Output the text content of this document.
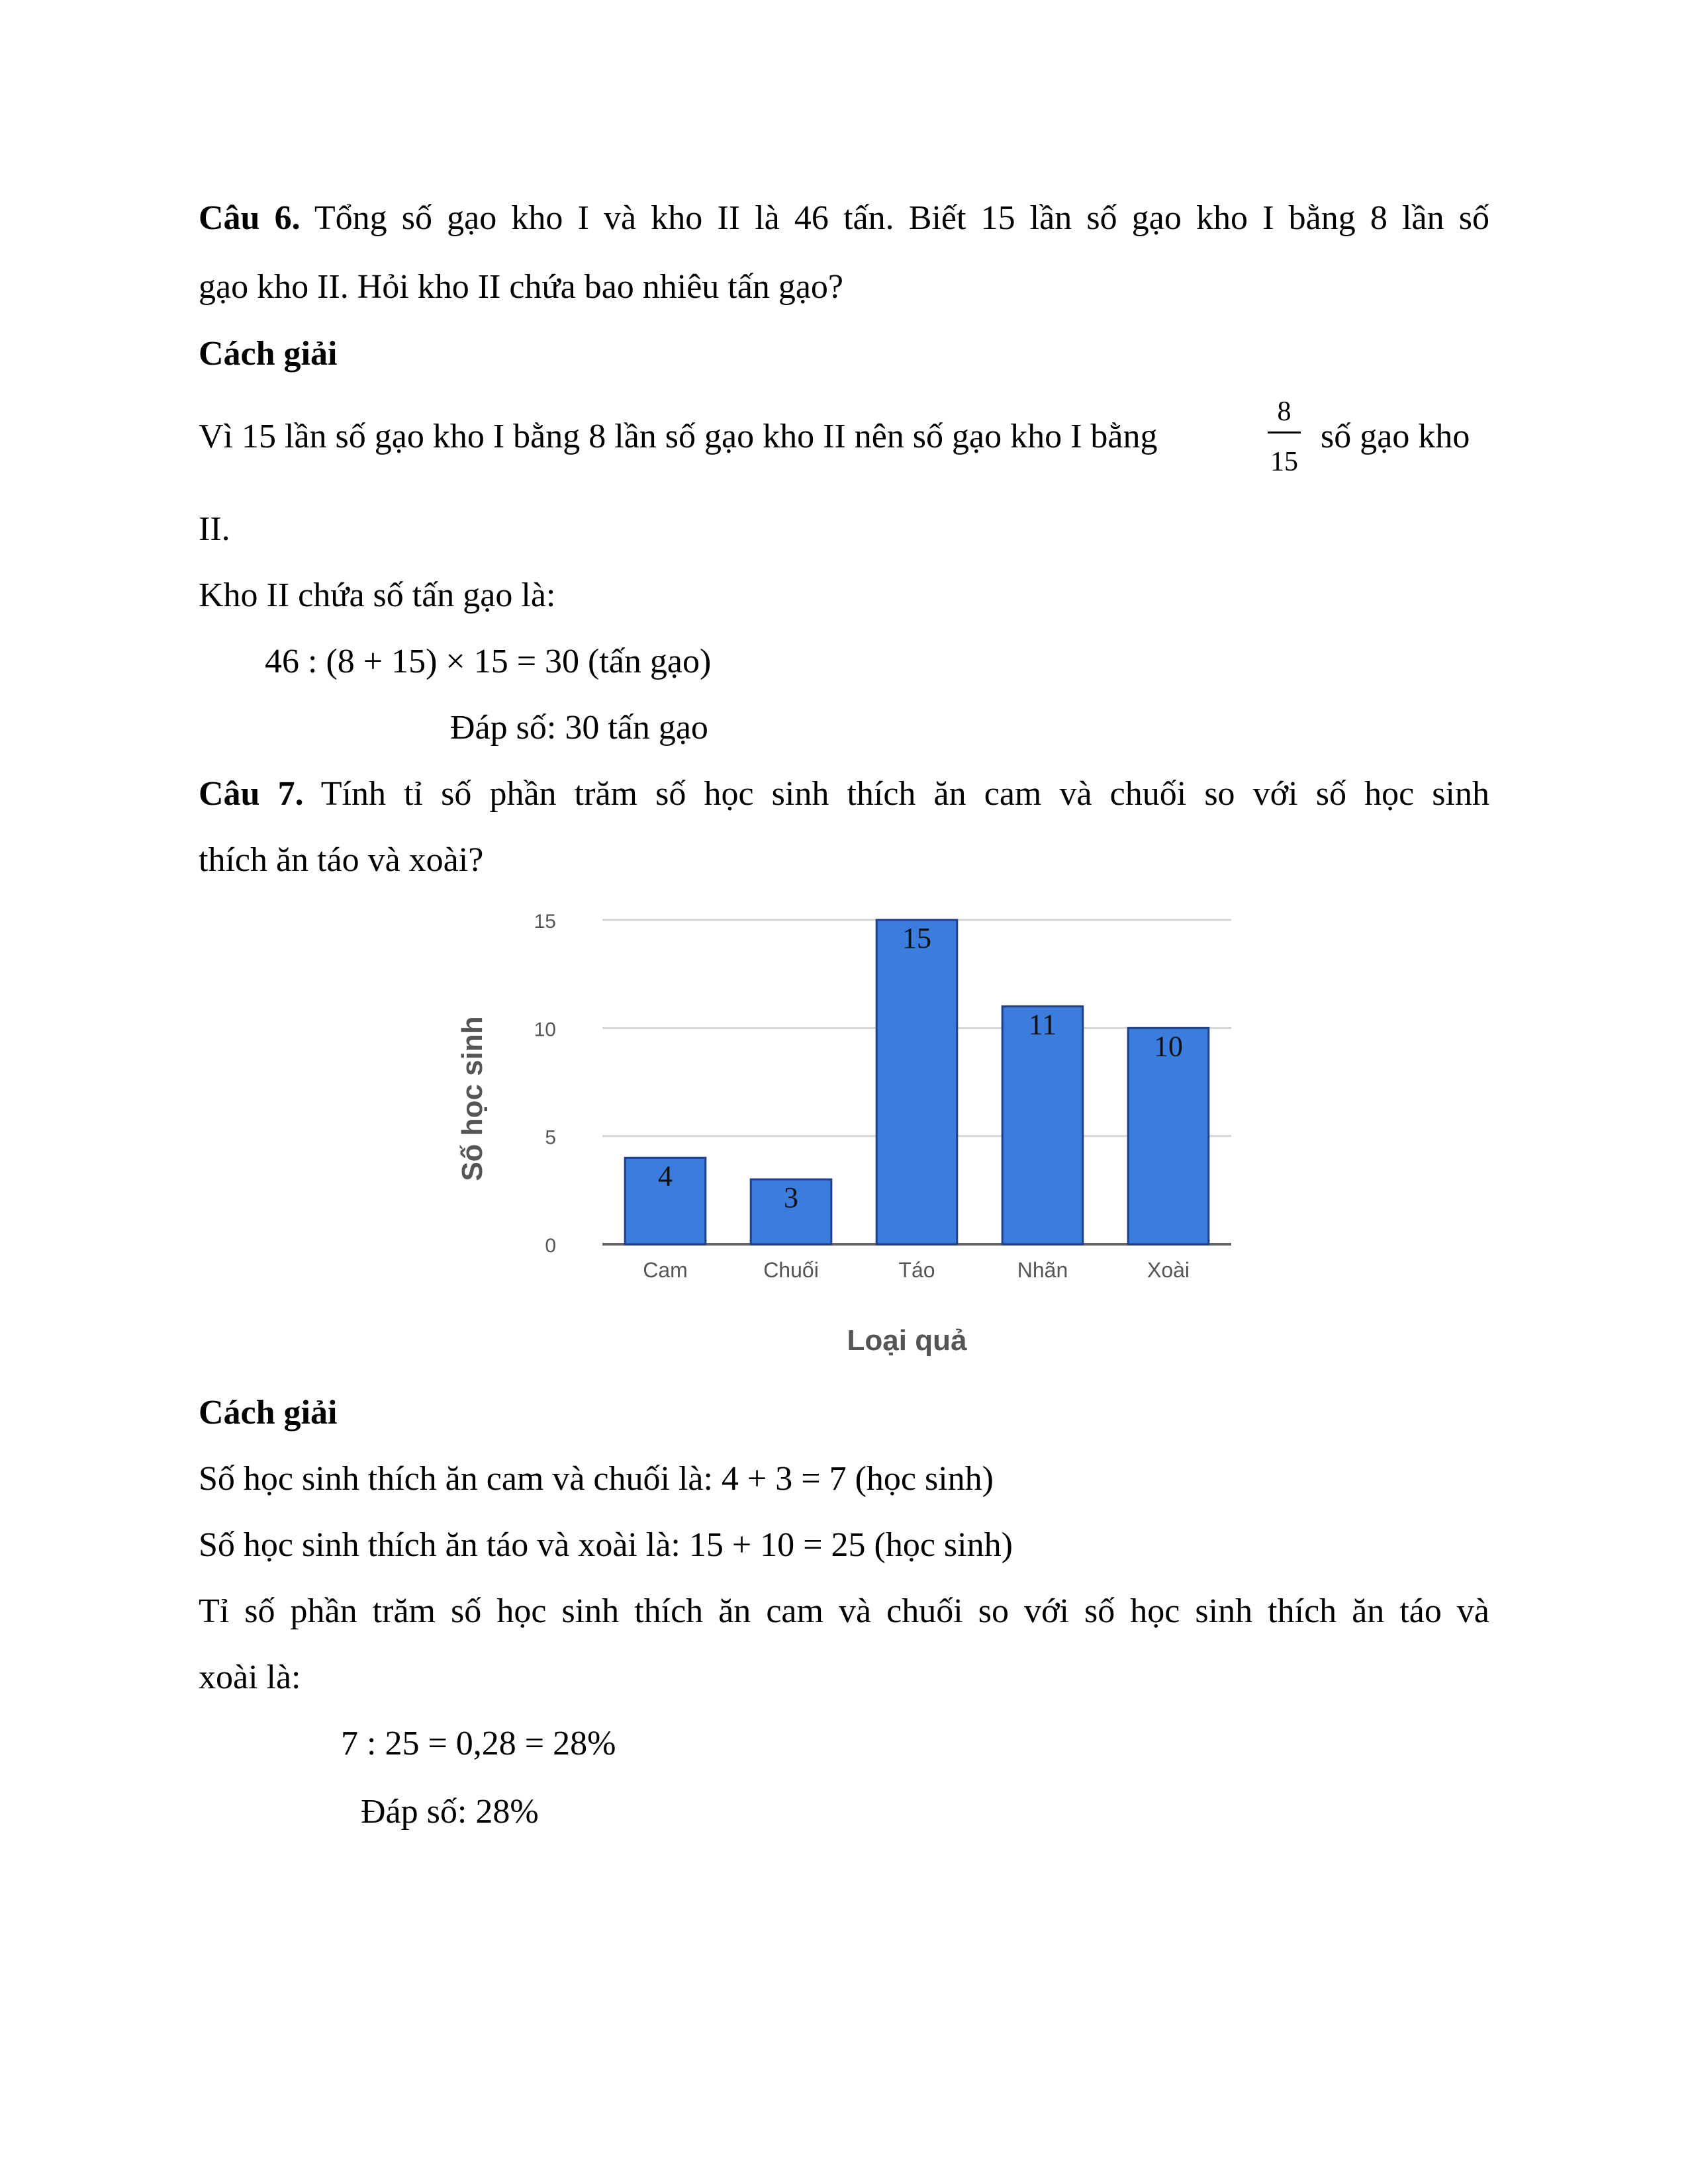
Câu 6. Tổng số gạo kho I và kho II là 46 tấn. Biết 15 lần số gạo kho I bằng 8 lần số
gạo kho II. Hỏi kho II chứa bao nhiêu tấn gạo?
Cách giải
Vì 15 lần số gạo kho I bằng 8 lần số gạo kho II nên số gạo kho I bằng
8
15
số gạo kho
II.
Kho II chứa số tấn gạo là:
46 : (8 + 15) × 15 = 30 (tấn gạo)
Đáp số: 30 tấn gạo
Câu 7. Tính tỉ số phần trăm số học sinh thích ăn cam và chuối so với số học sinh
thích ăn táo và xoài?
0
5
10
15
4
3
15
11
10
Cam	Chuối	Táo	Nhãn	Xoài
Số học sinh
Loại quả
Cách giải
Số học sinh thích ăn cam và chuối là: 4 + 3 = 7 (học sinh)
Số học sinh thích ăn táo và xoài là: 15 + 10 = 25 (học sinh)
Tỉ số phần trăm số học sinh thích ăn cam và chuối so với số học sinh thích ăn táo và
xoài là:
7 : 25 = 0,28 = 28%
Đáp số: 28%
